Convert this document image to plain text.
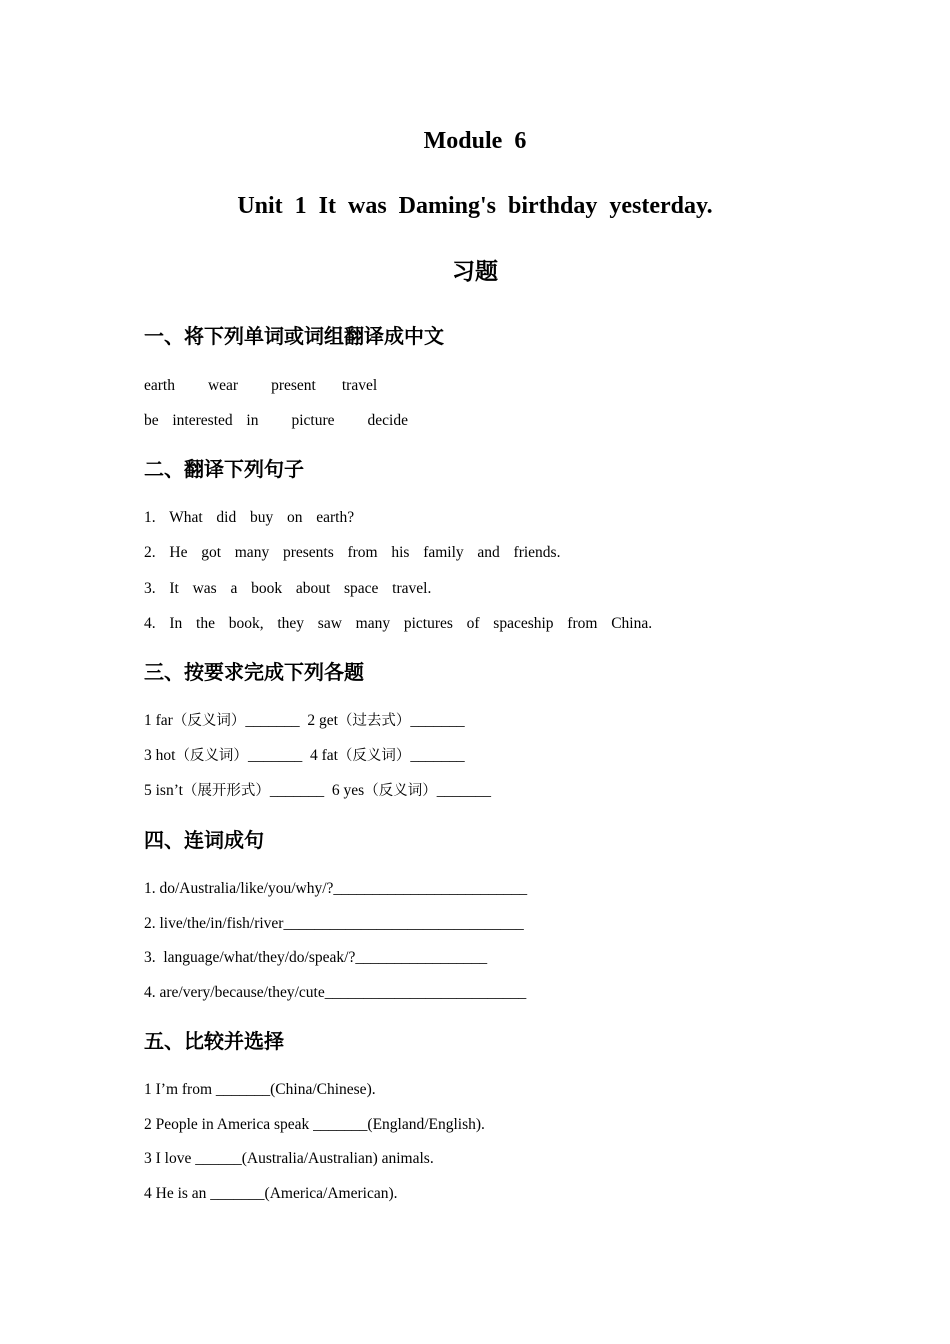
Module 6
Unit 1 It was Daming's birthday yesterday.
习题
一、将下列单词或词组翻译成中文
earth wear present travel
be  interested  in picture decide
二、翻译下列句子
1.  What  did  buy  on  earth?
2.  He  got  many  presents  from  his  family  and  friends.
3.  It  was  a  book  about  space  travel.
4.  In  the  book,  they  saw  many  pictures  of  spaceship  from  China.
三、按要求完成下列各题
1 far（反义词）_______ 2 get（过去式）_______
3 hot（反义词）_______ 4 fat（反义词）_______
5 isn’t（展开形式）_______ 6 yes（反义词）_______
四、连词成句
1. do/Australia/like/you/why/?_________________________
2. live/the/in/fish/river_______________________________
3.  language/what/they/do/speak/?_________________
4. are/very/because/they/cute__________________________
五、比较并选择
1 I’m from _______(China/Chinese).
2 People in America speak _______(England/English).
3 I love ______(Australia/Australian) animals.
4 He is an _______(America/American).
